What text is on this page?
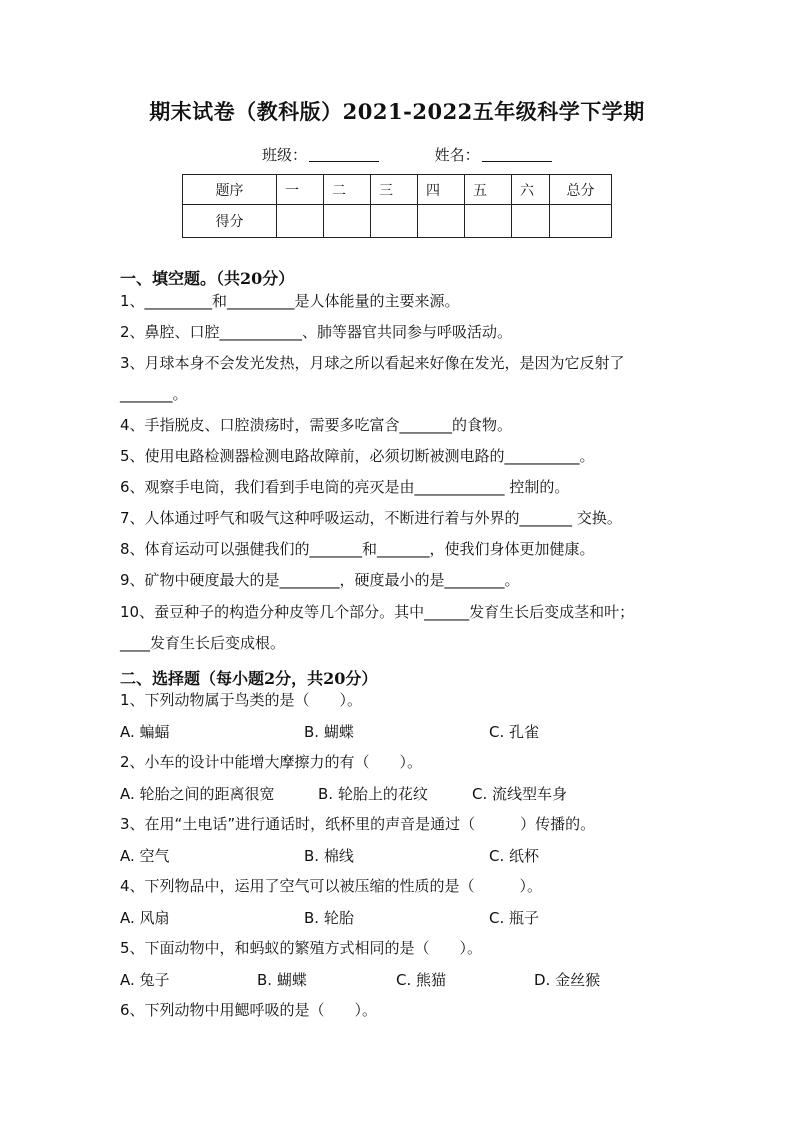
期末试卷（教科版）2021-2022五年级科学下学期
班级：	姓名：
题序	一	二	三	四	五	六	总分
得分							
一、填空题。（共20分）
1、_________和_________是人体能量的主要来源。
2、鼻腔、口腔___________、肺等器官共同参与呼吸活动。
3、月球本身不会发光发热，月球之所以看起来好像在发光，是因为它反射了
_______。
4、手指脱皮、口腔溃疡时，需要多吃富含_______的食物。
5、使用电路检测器检测电路故障前，必须切断被测电路的__________。
6、观察手电筒，我们看到手电筒的亮灭是由____________ 控制的。
7、人体通过呼气和吸气这种呼吸运动，不断进行着与外界的_______ 交换。
8、体育运动可以强健我们的_______和_______，使我们身体更加健康。
9、矿物中硬度最大的是________，硬度最小的是________。
10、蚕豆种子的构造分种皮等几个部分。其中______发育生长后变成茎和叶；
____发育生长后变成根。
二、选择题（每小题2分，共20分）
1、下列动物属于鸟类的是（　　）。
A. 蝙蝠	B. 蝴蝶	C. 孔雀
2、小车的设计中能增大摩擦力的有（　　）。
A. 轮胎之间的距离很宽	B. 轮胎上的花纹	C. 流线型车身
3、在用“土电话”进行通话时，纸杯里的声音是通过（　　　）传播的。
A. 空气	B. 棉线	C. 纸杯
4、下列物品中，运用了空气可以被压缩的性质的是（　　　）。
A. 风扇	B. 轮胎	C. 瓶子
5、下面动物中，和蚂蚁的繁殖方式相同的是（　　）。
A. 兔子	B. 蝴蝶	C. 熊猫	D. 金丝猴
6、下列动物中用鳃呼吸的是（　　）。
